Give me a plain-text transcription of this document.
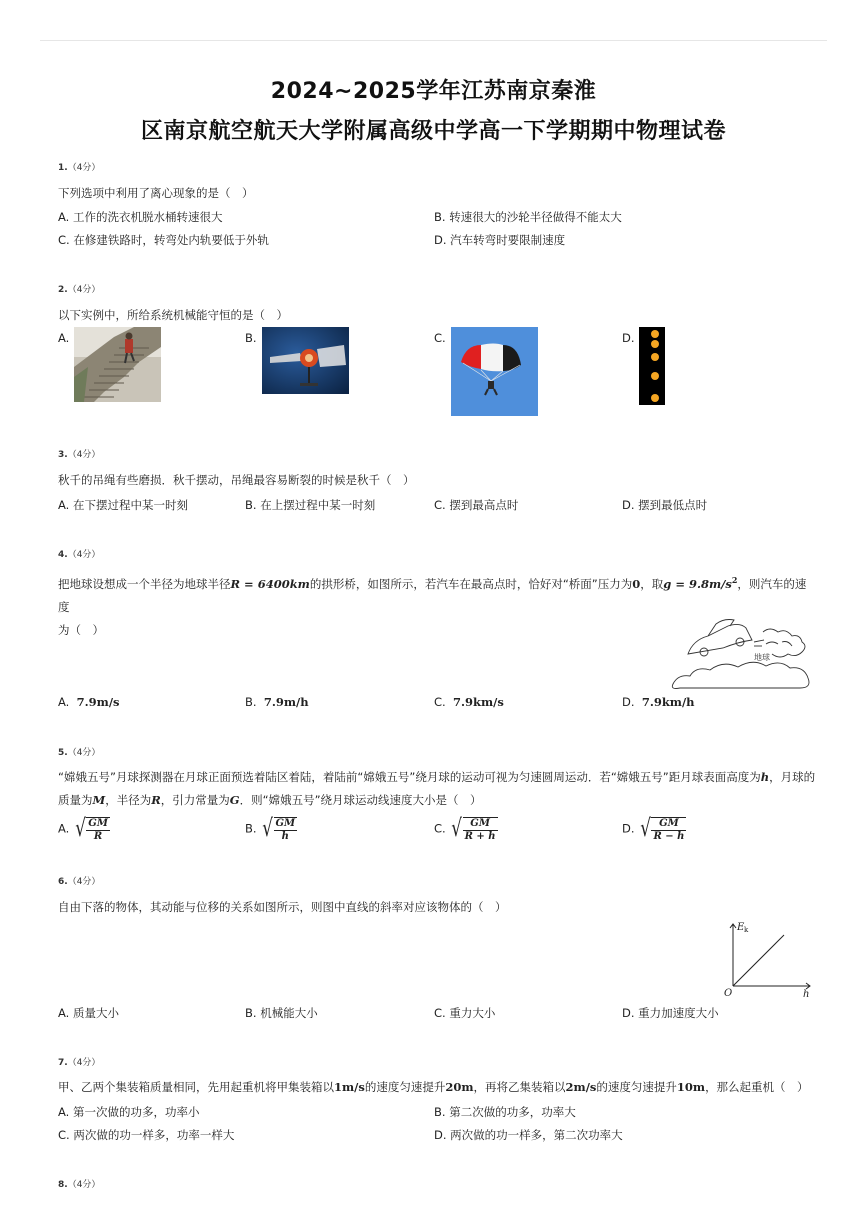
2024~2025学年江苏南京秦淮
区南京航空航天大学附属高级中学高一下学期期中物理试卷
1.（4分）
下列选项中利用了离心现象的是（　）
A. 工作的洗衣机脱水桶转速很大	B. 转速很大的沙轮半径做得不能太大
C. 在修建铁路时，转弯处内轨要低于外轨	D. 汽车转弯时要限制速度
2.（4分）
以下实例中，所给系统机械能守恒的是（　）
A.	B.	C.	D.
3.（4分）
秋千的吊绳有些磨损．秋千摆动，吊绳最容易断裂的时候是秋千（　）
A. 在下摆过程中某一时刻	B. 在上摆过程中某一时刻	C. 摆到最高点时	D. 摆到最低点时
4.（4分）
把地球设想成一个半径为地球半径R = 6400km的拱形桥，如图所示，若汽车在最高点时，恰好对“桥面”压力为0，取$g = 9.8m/s^2$，则汽车的速度
为（　）
地球
A. 7.9m/s	B. 7.9m/h	C. 7.9km/s	D. 7.9km/h
5.（4分）
“嫦娥五号”月球探测器在月球正面预选着陆区着陆，着陆前“嫦娥五号”绕月球的运动可视为匀速圆周运动．若“嫦娥五号”距月球表面高度为h，月球的质量为M，半径为R，引力常量为G．则“嫦娥五号”绕月球运动线速度大小是（　）
A. √ $\frac{GM}{R}$	B. √ $\frac{GM}{h}$	C. √ $\frac{GM}{R + h}$	D. √ $\frac{GM}{R - h}$
6.（4分）
自由下落的物体，其动能与位移的关系如图所示，则图中直线的斜率对应该物体的（　）
E k
O	h
A. 质量大小	B. 机械能大小	C. 重力大小	D. 重力加速度大小
7.（4分）
甲、乙两个集装箱质量相同，先用起重机将甲集装箱以1m/s的速度匀速提升20m，再将乙集装箱以2m/s的速度匀速提升10m，那么起重机（　）
A. 第一次做的功多，功率小	B. 第二次做的功多，功率大
C. 两次做的功一样多，功率一样大	D. 两次做的功一样多，第二次功率大
8.（4分）
